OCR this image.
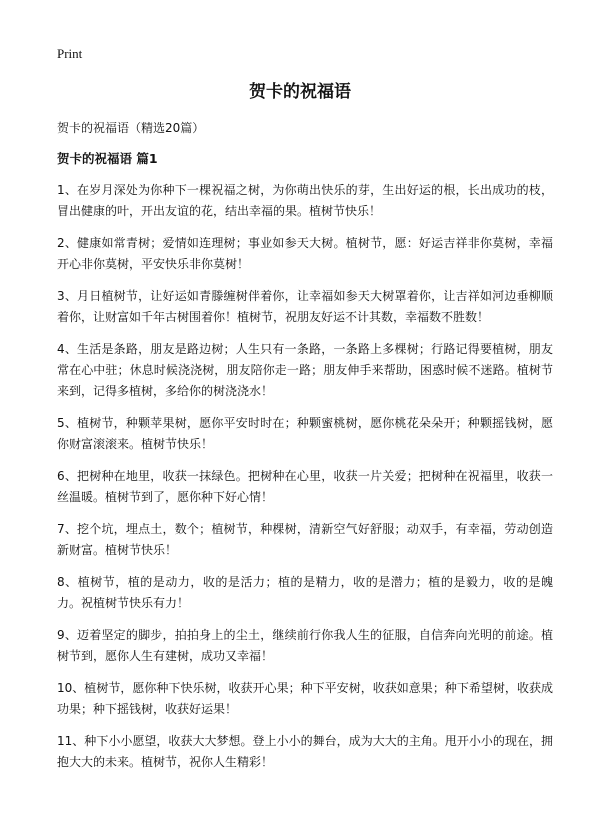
Print
贺卡的祝福语
贺卡的祝福语（精选20篇）
贺卡的祝福语 篇1
1、在岁月深处为你种下一棵祝福之树，为你萌出快乐的芽，生出好运的根，长出成功的枝，冒出健康的叶，开出友谊的花，结出幸福的果。植树节快乐！
2、健康如常青树；爱情如连理树；事业如参天大树。植树节，愿：好运吉祥非你莫树，幸福开心非你莫树，平安快乐非你莫树！
3、月日植树节，让好运如青滕缠树伴着你，让幸福如参天大树罩着你，让吉祥如河边垂柳顺着你，让财富如千年古树围着你！植树节，祝朋友好运不计其数，幸福数不胜数！
4、生活是条路，朋友是路边树；人生只有一条路，一条路上多棵树；行路记得要植树，朋友常在心中驻；休息时候浇浇树，朋友陪你走一路；朋友伸手来帮助，困惑时候不迷路。植树节来到，记得多植树，多给你的树浇浇水！
5、植树节，种颗苹果树，愿你平安时时在；种颗蜜桃树，愿你桃花朵朵开；种颗摇钱树，愿你财富滚滚来。植树节快乐！
6、把树种在地里，收获一抹绿色。把树种在心里，收获一片关爱；把树种在祝福里，收获一丝温暖。植树节到了，愿你种下好心情！
7、挖个坑，埋点土，数个；植树节，种棵树，清新空气好舒服；动双手，有幸福，劳动创造新财富。植树节快乐！
8、植树节，植的是动力，收的是活力；植的是精力，收的是潜力；植的是毅力，收的是魄力。祝植树节快乐有力！
9、迈着坚定的脚步，拍拍身上的尘土，继续前行你我人生的征服，自信奔向光明的前途。植树节到，愿你人生有建树，成功又幸福！
10、植树节，愿你种下快乐树，收获开心果；种下平安树，收获如意果；种下希望树，收获成功果；种下摇钱树，收获好运果！
11、种下小小愿望，收获大大梦想。登上小小的舞台，成为大大的主角。甩开小小的现在，拥抱大大的未来。植树节，祝你人生精彩！
